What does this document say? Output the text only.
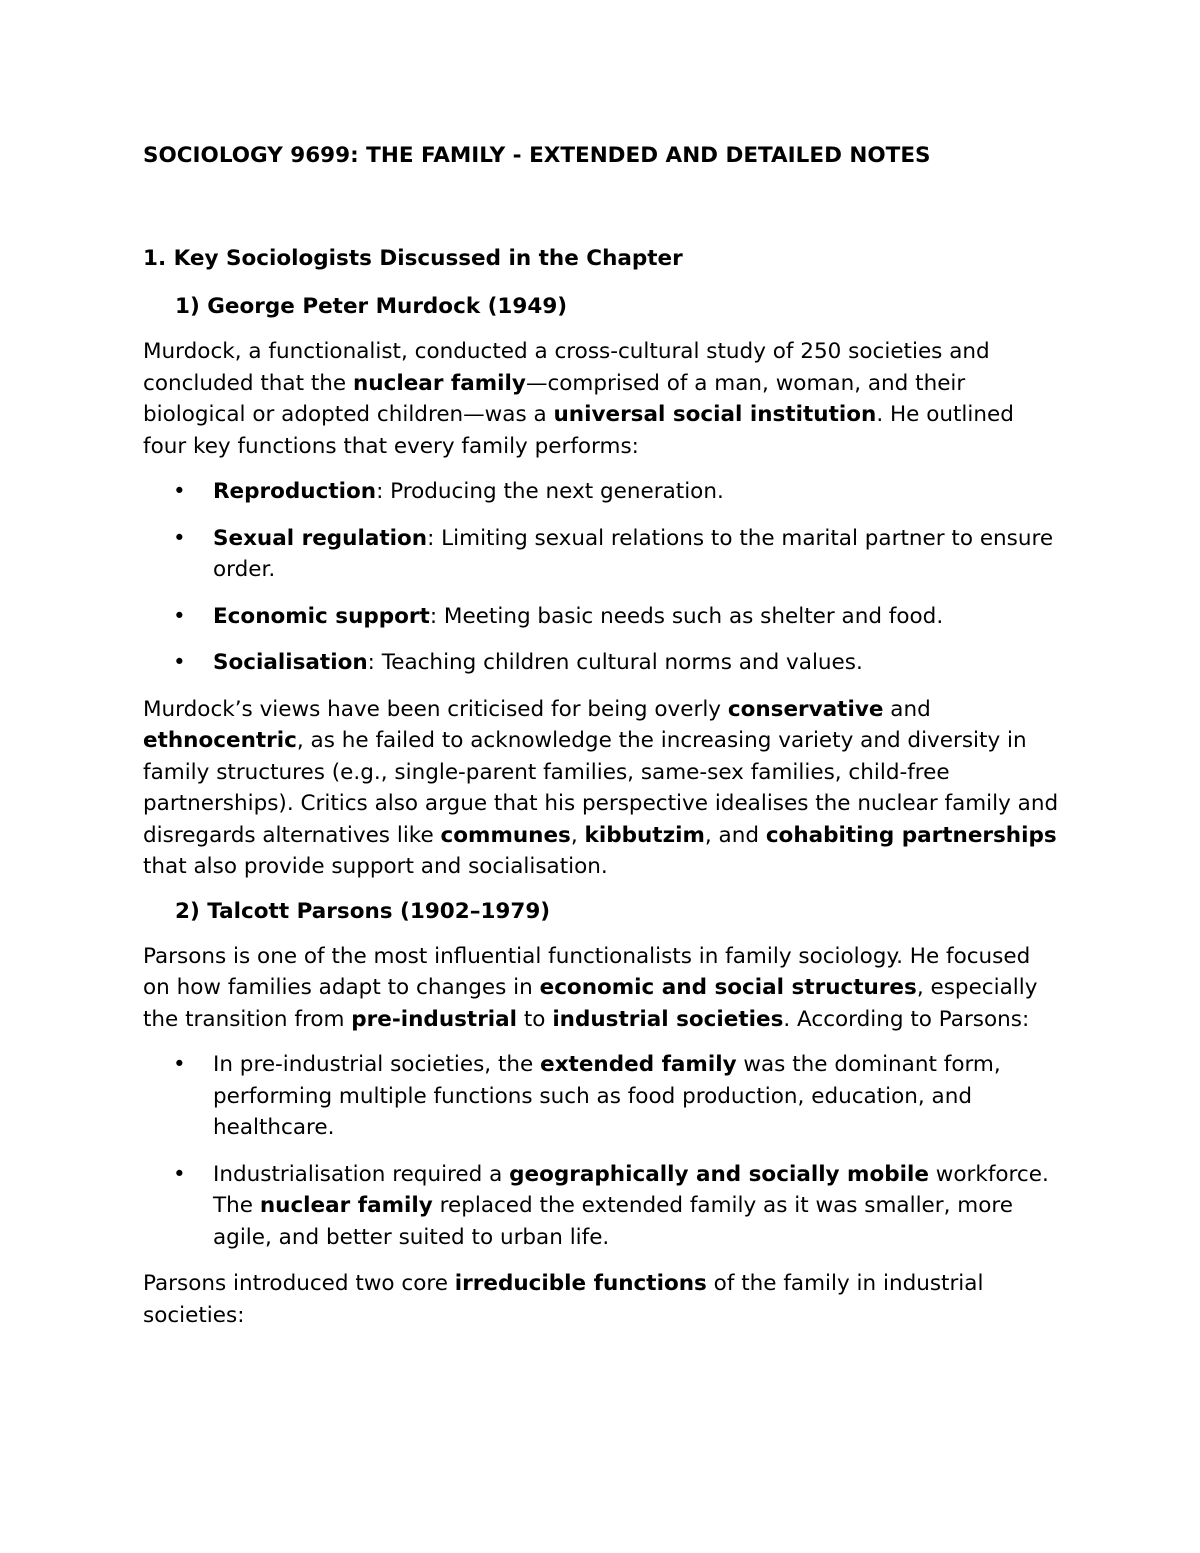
SOCIOLOGY 9699: THE FAMILY - EXTENDED AND DETAILED NOTES
1. Key Sociologists Discussed in the Chapter
1) George Peter Murdock (1949)

Murdock, a functionalist, conducted a cross-cultural study of 250 societies and concluded that the nuclear family—comprised of a man, woman, and their biological or adopted children—was a universal social institution. He outlined four key functions that every family performs:

• Reproduction: Producing the next generation.
• Sexual regulation: Limiting sexual relations to the marital partner to ensure order.
• Economic support: Meeting basic needs such as shelter and food.
• Socialisation: Teaching children cultural norms and values.

Murdock’s views have been criticised for being overly conservative and ethnocentric, as he failed to acknowledge the increasing variety and diversity in family structures (e.g., single-parent families, same-sex families, child-free partnerships). Critics also argue that his perspective idealises the nuclear family and disregards alternatives like communes, kibbutzim, and cohabiting partnerships that also provide support and socialisation.

2) Talcott Parsons (1902–1979)

Parsons is one of the most influential functionalists in family sociology. He focused on how families adapt to changes in economic and social structures, especially the transition from pre-industrial to industrial societies. According to Parsons:

• In pre-industrial societies, the extended family was the dominant form, performing multiple functions such as food production, education, and healthcare.
• Industrialisation required a geographically and socially mobile workforce. The nuclear family replaced the extended family as it was smaller, more agile, and better suited to urban life.

Parsons introduced two core irreducible functions of the family in industrial societies:
